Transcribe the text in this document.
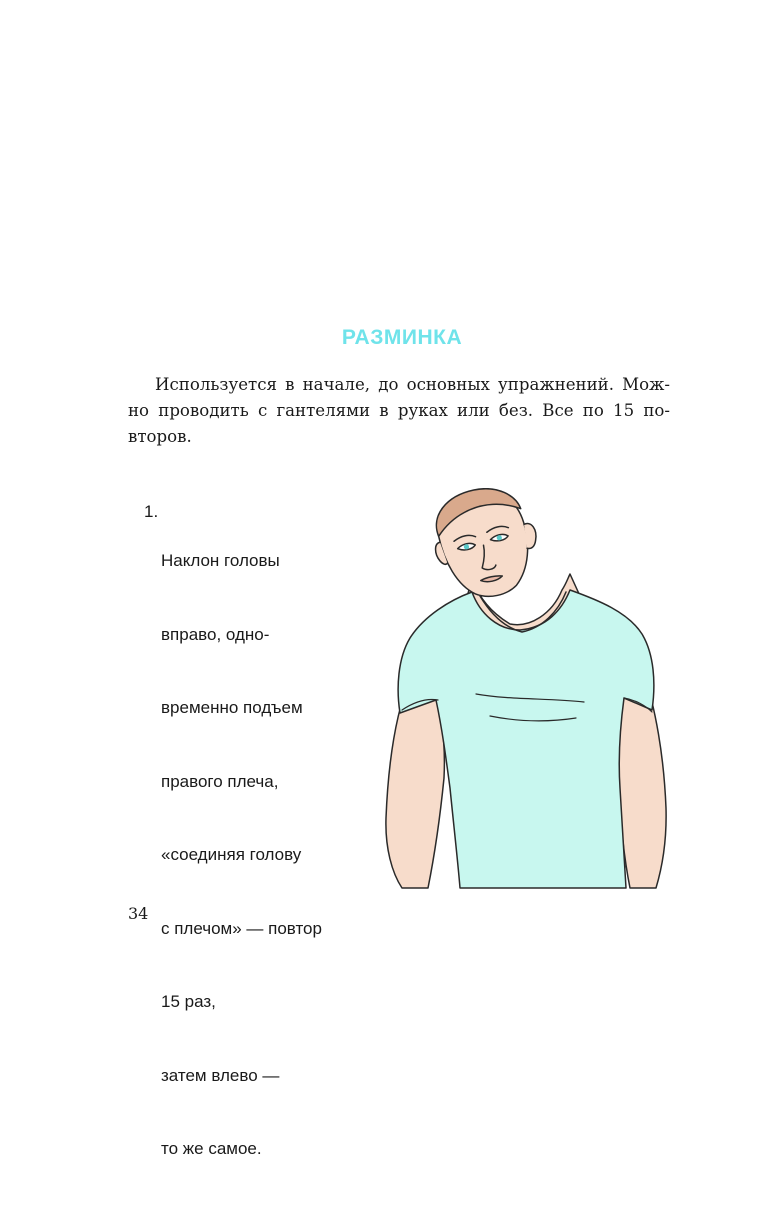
РАЗМИНКА

Используется в начале, до основных упражнений. Мож-
но проводить с гантелями в руках или без. Все по 15 по-
второв.

1.

Наклон головы

вправо, одно-

временно подъем

правого плеча,

«соединяя голову

с плечом» — повтор

15 раз,

затем влево —

то же самое.

34
